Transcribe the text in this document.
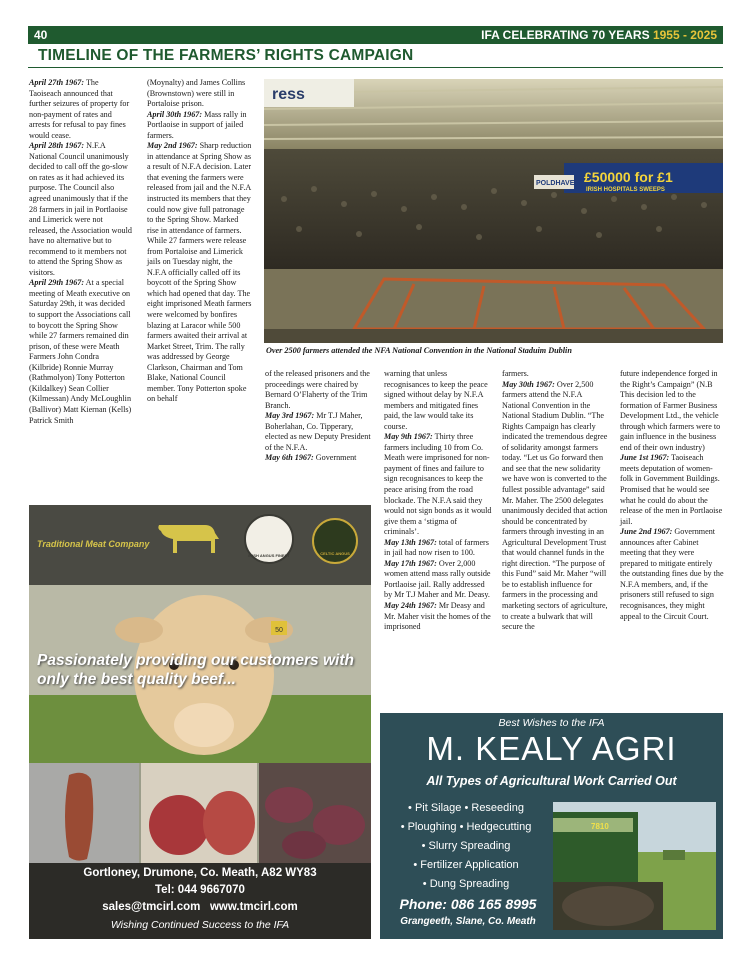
40	IFA CELEBRATING 70 YEARS 1955 - 2025
TIMELINE OF THE FARMERS’ RIGHTS CAMPAIGN

April 27th 1967: The Taoiseach announced that further seizures of property for non-payment of rates and arrests for refusal to pay fines would cease.

April 28th 1967: N.F.A National Council unanimously decided to call off the go-slow on rates as it had achieved its purpose. The Council also agreed unanimously that if the 28 farmers in jail in Portlaoise and Limerick were not released, the Association would have no alternative but to recommend to it members not to attend the Spring Show as visitors.

April 29th 1967: At a special meeting of Meath executive on Saturday 29th, it was decided to support the Associations call to boycott the Spring Show while 27 farmers remained din prison, of these were Meath Farmers John Condra (Kilbride) Ronnie Murray (Rathmolyon) Tony Potterton (Kildalkey) Sean Collier (Kilmessan) Andy McLoughlin (Ballivor) Matt Kiernan (Kells) Patrick Smith

(Moynalty) and James Collins (Brownstown) were still in Portaloise prison.

April 30th 1967: Mass rally in Portlaoise in support of jailed farmers.

May 2nd 1967: Sharp reduction in attendance at Spring Show as a result of N.F.A decision. Later that evening the farmers were released from jail and the N.F.A instructed its members that they could now give full patronage to the Spring Show. Marked rise in attendance of farmers. While 27 farmers were release from Portaloise and Limerick jails on Tuesday night, the N.F.A officially called off its boycott of the Spring Show which had opened that day. The eight imprisoned Meath farmers were welcomed by bonfires blazing at Laracor while 500 farmers awaited their arrival at Market Street, Trim. The rally was addressed by George Clarkson, Chairman and Tom Blake, National Council member. Tony Potterton spoke on behalf

of the released prisoners and the proceedings were chaired by Bernard O’Flaherty of the Trim Branch.

May 3rd 1967: Mr T.J Maher, Boherlahan, Co. Tipperary, elected as new Deputy President of the N.F.A.

May 6th 1967: Government

warning that unless recognisances to keep the peace signed without delay by N.F.A members and mitigated fines paid, the law would take its course.

May 9th 1967: Thirty three farmers including 10 from Co. Meath were imprisoned for non-payment of fines and failure to sign recognisances to keep the peace arising from the road blockade. The N.F.A said they would not sign bonds as it would give them a ‘stigma of criminals’.

May 13th 1967: total of farmers in jail had now risen to 100.

May 17th 1967: Over 2,000 women attend mass rally outside Portlaoise jail. Rally addressed by Mr T.J Maher and Mr. Deasy.

May 24th 1967: Mr Deasy and Mr. Maher visit the homes of the imprisoned

farmers.

May 30th 1967: Over 2,500 farmers attend the N.F.A National Convention in the National Stadium Dublin. “The Rights Campaign has clearly indicated the tremendous degree of solidarity amongst farmers today. “Let us Go forward then and see that the new solidarity we have won is converted to the fullest possible advantage” said Mr. Maher. The 2500 delegates unanimously decided that action should be concentrated by farmers through investing in an Agricultural Development Trust that would channel funds in the right direction. “The purpose of this Fund” said Mr. Maher “will be to establish influence for farmers in the processing and marketing sectors of agriculture, to create a bulwark that will secure the

future independence forged in the Right’s Campaign” (N.B This decision led to the formation of Farmer Business Development Ltd., the vehicle through which farmers were to gain influence in the business end of their own industry)

June 1st 1967: Taoiseach meets deputation of women-folk in Government Buildings. Promised that he would see what he could do about the release of the men in Portlaoise jail.

June 2nd 1967: Government announces after Cabinet meeting that they were prepared to mitigate entirely the outstanding fines due by the N.F.A members, and, if the prisoners still refused to sign recognisances, they might appeal to the Circuit Court.

ress
POLDHAVE £50000 for £1
IRISH HOSPITALS SWEEPS
Over 2500 farmers attended the NFA National Convention in the National Staduim Dublin
Traditional Meat Company
IRISH ANGUS FINEST	CELTIC ANGUS
50
Passionately providing our customers with only the best quality beef...
Gortloney, Drumone, Co. Meath, A82 WY83
Tel: 044 9667070
sales@tmcirl.com   www.tmcirl.com
Wishing Continued Success to the IFA
Best Wishes to the IFA
M. KEALY AGRI
All Types of Agricultural Work Carried Out
• Pit Silage • Reseeding
• Ploughing • Hedgecutting
• Slurry Spreading
• Fertilizer Application
• Dung Spreading
Phone: 086 165 8995
Grangeeth, Slane, Co. Meath
7810
